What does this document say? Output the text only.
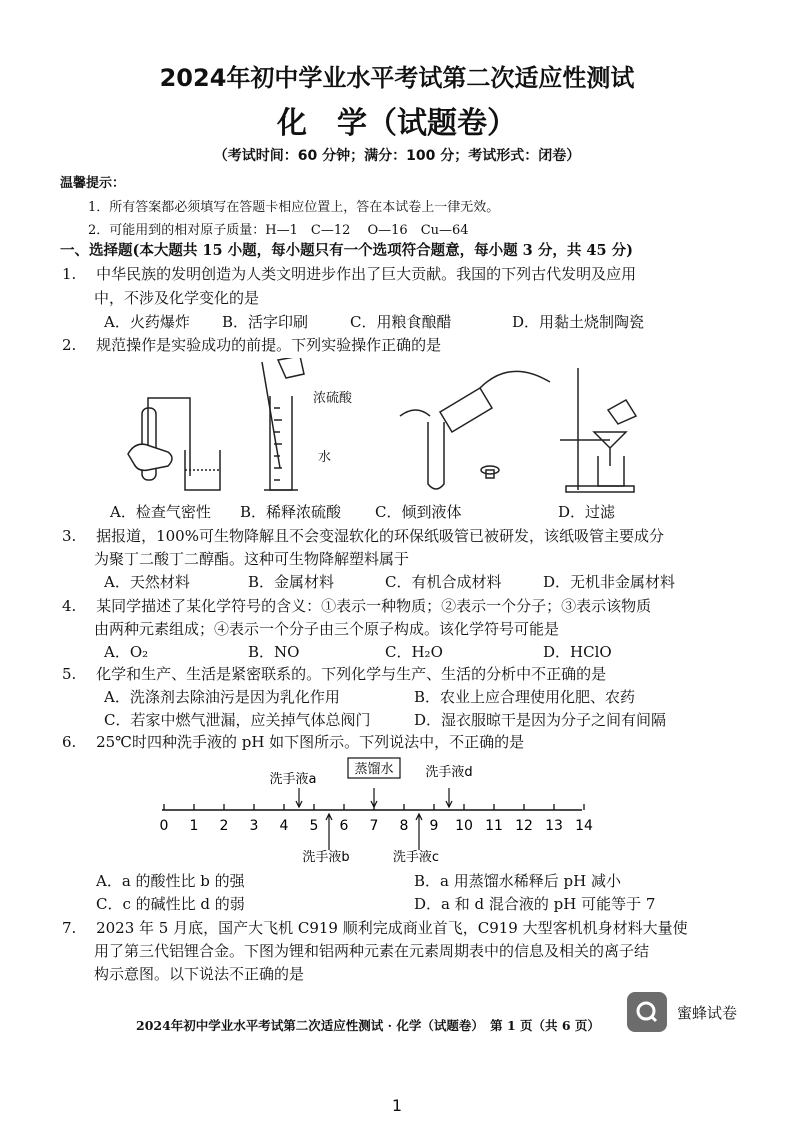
2024年初中学业水平考试第二次适应性测试
化　学（试题卷）
（考试时间：60 分钟；满分：100 分；考试形式：闭卷）
温馨提示：
1．所有答案都必须填写在答题卡相应位置上，答在本试卷上一律无效。
2．可能用到的相对原子质量：H—1　C—12　 O—16　Cu—64
一、选择题(本大题共 15 小题，每小题只有一个选项符合题意，每小题 3 分，共 45 分)
1.　 中华民族的发明创造为人类文明进步作出了巨大贡献。我国的下列古代发明及应用
中，不涉及化学变化的是
A．火药爆炸 B．活字印刷	C．用粮食酿醋	D．用黏土烧制陶瓷
2.　 规范操作是实验成功的前提。下列实验操作正确的是
浓硫酸
水
A．检查气密性 B．稀释浓硫酸 C．倾到液体	D．过滤
3.　 据报道，100%可生物降解且不会变湿软化的环保纸吸管已被研发，该纸吸管主要成分
为聚丁二酸丁二醇酯。这种可生物降解塑料属于
A．天然材料	B．金属材料	C．有机合成材料	D．无机非金属材料
4.　 某同学描述了某化学符号的含义：①表示一种物质；②表示一个分子；③表示该物质
由两种元素组成；④表示一个分子由三个原子构成。该化学符号可能是
A．O₂	B．NO	C．H₂O	D．HClO
5.　 化学和生产、生活是紧密联系的。下列化学与生产、生活的分析中不正确的是
A．洗涤剂去除油污是因为乳化作用	B．农业上应合理使用化肥、农药
C．若家中燃气泄漏，应关掉气体总阀门	D．湿衣服晾干是因为分子之间有间隔
6.　 25℃时四种洗手液的 pH 如下图所示。下列说法中，不正确的是
0 1 2 3 4 5 6 7 8 9 10 11 12 13 14
洗手液a
蒸馏水 洗手液d
洗手液b	洗手液c
A．a 的酸性比 b 的强	B．a 用蒸馏水稀释后 pH 减小
C．c 的碱性比 d 的弱	D．a 和 d 混合液的 pH 可能等于 7
7.　 2023 年 5 月底，国产大飞机 C919 顺利完成商业首飞，C919 大型客机机身材料大量使
用了第三代铝锂合金。下图为锂和铝两种元素在元素周期表中的信息及相关的离子结
构示意图。以下说法不正确的是
2024年初中学业水平考试第二次适应性测试 · 化学（试题卷）　第 1 页（共 6 页）
蜜蜂试卷
1
